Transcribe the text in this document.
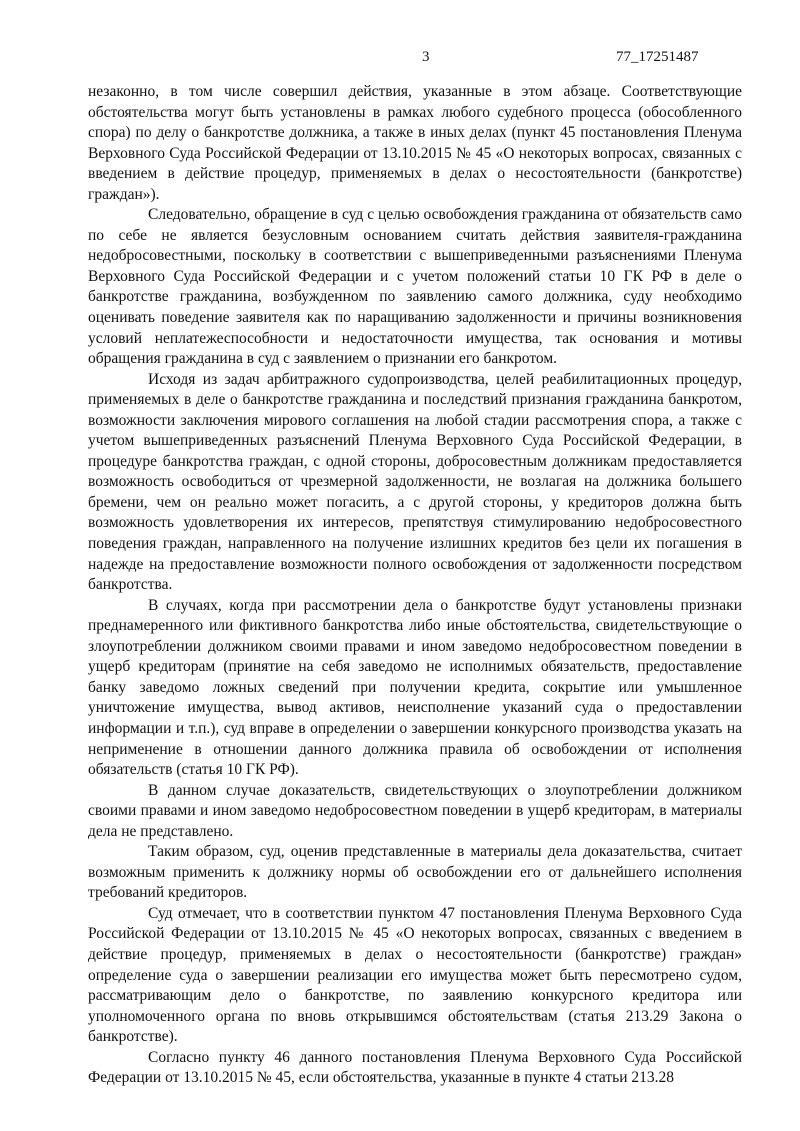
3	77_17251487

незаконно, в том числе совершил действия, указанные в этом абзаце. Соответствующие обстоятельства могут быть установлены в рамках любого судебного процесса (обособленного спора) по делу о банкротстве должника, а также в иных делах (пункт 45 постановления Пленума Верховного Суда Российской Федерации от 13.10.2015 № 45 «О некоторых вопросах, связанных с введением в действие процедур, применяемых в делах о несостоятельности (банкротстве) граждан»).

Следовательно, обращение в суд с целью освобождения гражданина от обязательств само по себе не является безусловным основанием считать действия заявителя-гражданина недобросовестными, поскольку в соответствии с вышеприведенными разъяснениями Пленума Верховного Суда Российской Федерации и с учетом положений статьи 10 ГК РФ в деле о банкротстве гражданина, возбужденном по заявлению самого должника, суду необходимо оценивать поведение заявителя как по наращиванию задолженности и причины возникновения условий неплатежеспособности и недостаточности имущества, так основания и мотивы обращения гражданина в суд с заявлением о признании его банкротом.

Исходя из задач арбитражного судопроизводства, целей реабилитационных процедур, применяемых в деле о банкротстве гражданина и последствий признания гражданина банкротом, возможности заключения мирового соглашения на любой стадии рассмотрения спора, а также с учетом вышеприведенных разъяснений Пленума Верховного Суда Российской Федерации, в процедуре банкротства граждан, с одной стороны, добросовестным должникам предоставляется возможность освободиться от чрезмерной задолженности, не возлагая на должника большего бремени, чем он реально может погасить, а с другой стороны, у кредиторов должна быть возможность удовлетворения их интересов, препятствуя стимулированию недобросовестного поведения граждан, направленного на получение излишних кредитов без цели их погашения в надежде на предоставление возможности полного освобождения от задолженности посредством банкротства.

В случаях, когда при рассмотрении дела о банкротстве будут установлены признаки преднамеренного или фиктивного банкротства либо иные обстоятельства, свидетельствующие о злоупотреблении должником своими правами и ином заведомо недобросовестном поведении в ущерб кредиторам (принятие на себя заведомо не исполнимых обязательств, предоставление банку заведомо ложных сведений при получении кредита, сокрытие или умышленное уничтожение имущества, вывод активов, неисполнение указаний суда о предоставлении информации и т.п.), суд вправе в определении о завершении конкурсного производства указать на неприменение в отношении данного должника правила об освобождении от исполнения обязательств (статья 10 ГК РФ).

В данном случае доказательств, свидетельствующих о злоупотреблении должником своими правами и ином заведомо недобросовестном поведении в ущерб кредиторам, в материалы дела не представлено.

Таким образом, суд, оценив представленные в материалы дела доказательства, считает возможным применить к должнику нормы об освобождении его от дальнейшего исполнения требований кредиторов.

Суд отмечает, что в соответствии пунктом 47 постановления Пленума Верховного Суда Российской Федерации от 13.10.2015 № 45 «О некоторых вопросах, связанных с введением в действие процедур, применяемых в делах о несостоятельности (банкротстве) граждан» определение суда о завершении реализации его имущества может быть пересмотрено судом, рассматривающим дело о банкротстве, по заявлению конкурсного кредитора или уполномоченного органа по вновь открывшимся обстоятельствам (статья 213.29 Закона о банкротстве).

Согласно пункту 46 данного постановления Пленума Верховного Суда Российской Федерации от 13.10.2015 № 45, если обстоятельства, указанные в пункте 4 статьи 213.28
